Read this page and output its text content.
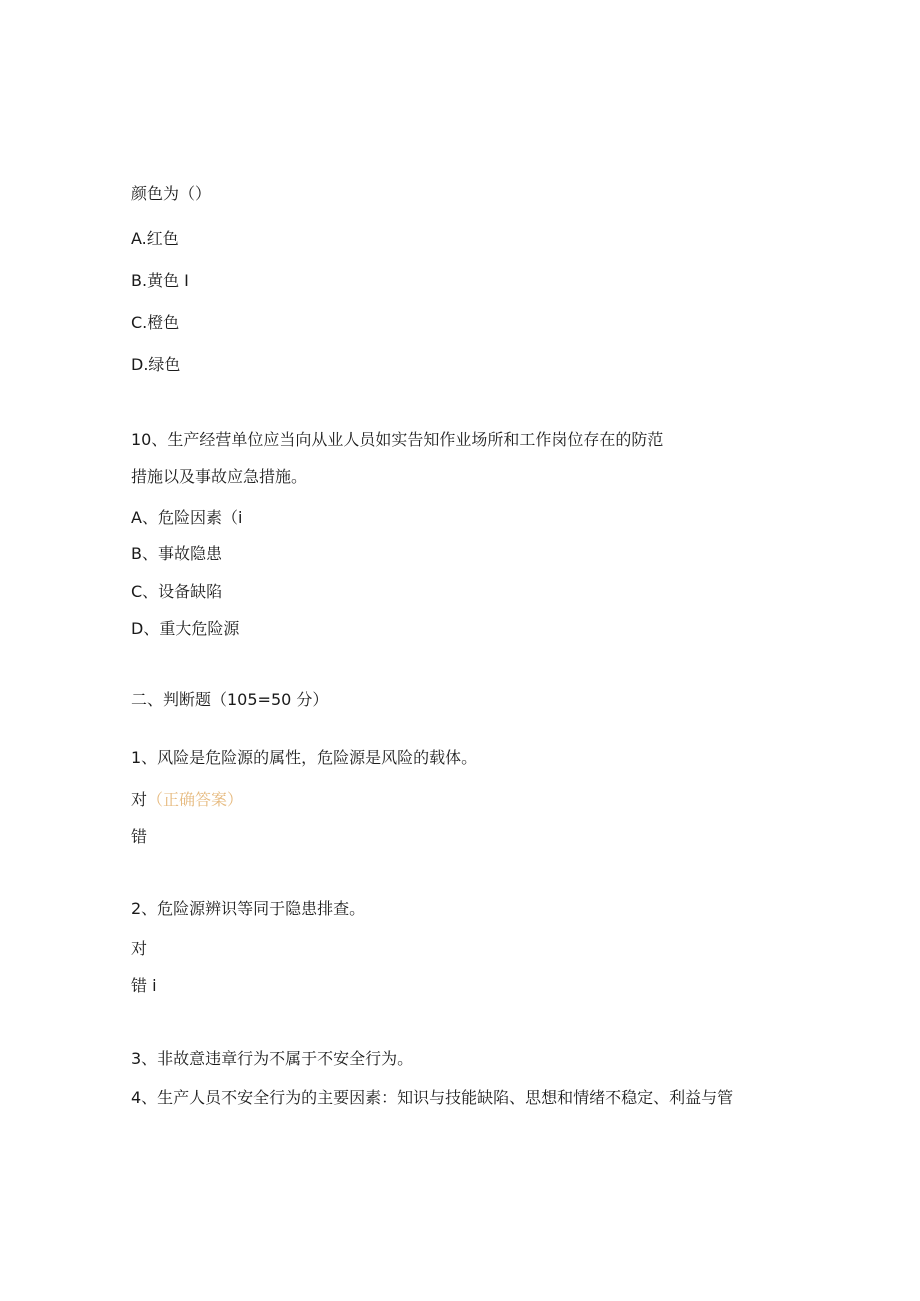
颜色为（）
A.红色
B.黄色 I
C.橙色
D.绿色
10、生产经营单位应当向从业人员如实告知作业场所和工作岗位存在的防范
措施以及事故应急措施。
A、危险因素（i
B、事故隐患
C、设备缺陷
D、重大危险源
二、判断题（105=50 分）
1、风险是危险源的属性，危险源是风险的载体。
对（正确答案）
错
2、危险源辨识等同于隐患排查。
对
错 i
3、非故意违章行为不属于不安全行为。
4、生产人员不安全行为的主要因素：知识与技能缺陷、思想和情绪不稳定、利益与管
